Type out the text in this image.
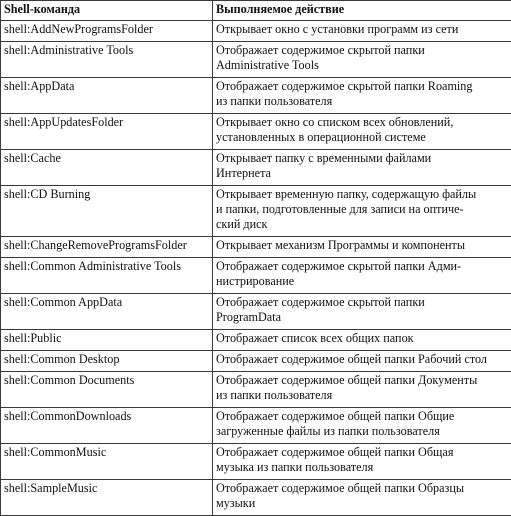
Shell-команда	Выполняемое действие
shell:AddNewProgramsFolder	Открывает окно с установки программ из сети
shell:Administrative Tools	Отображает содержимое скрытой папки
Administrative Tools
shell:AppData	Отображает содержимое скрытой папки Roaming
из папки пользователя
shell:AppUpdatesFolder	Открывает окно со списком всех обновлений,
установленных в операционной системе
shell:Cache	Открывает папку с временными файлами
Интернета
shell:CD Burning	Открывает временную папку, содержащую файлы
и папки, подготовленные для записи на оптиче-
ский диск
shell:ChangeRemoveProgramsFolder	Открывает механизм Программы и компоненты
shell:Common Administrative Tools	Отображает содержимое скрытой папки Адми-
нистрирование
shell:Common AppData	Отображает содержимое скрытой папки
ProgramData
shell:Public	Отображает список всех общих папок
shell:Common Desktop	Отображает содержимое общей папки Рабочий стол
shell:Common Documents	Отображает содержимое общей папки Документы
из папки пользователя
shell:CommonDownloads	Отображает содержимое общей папки Общие
загруженные файлы из папки пользователя
shell:CommonMusic	Отображает содержимое общей папки Общая
музыка из папки пользователя
shell:SampleMusic	Отображает содержимое общей папки Образцы
музыки
